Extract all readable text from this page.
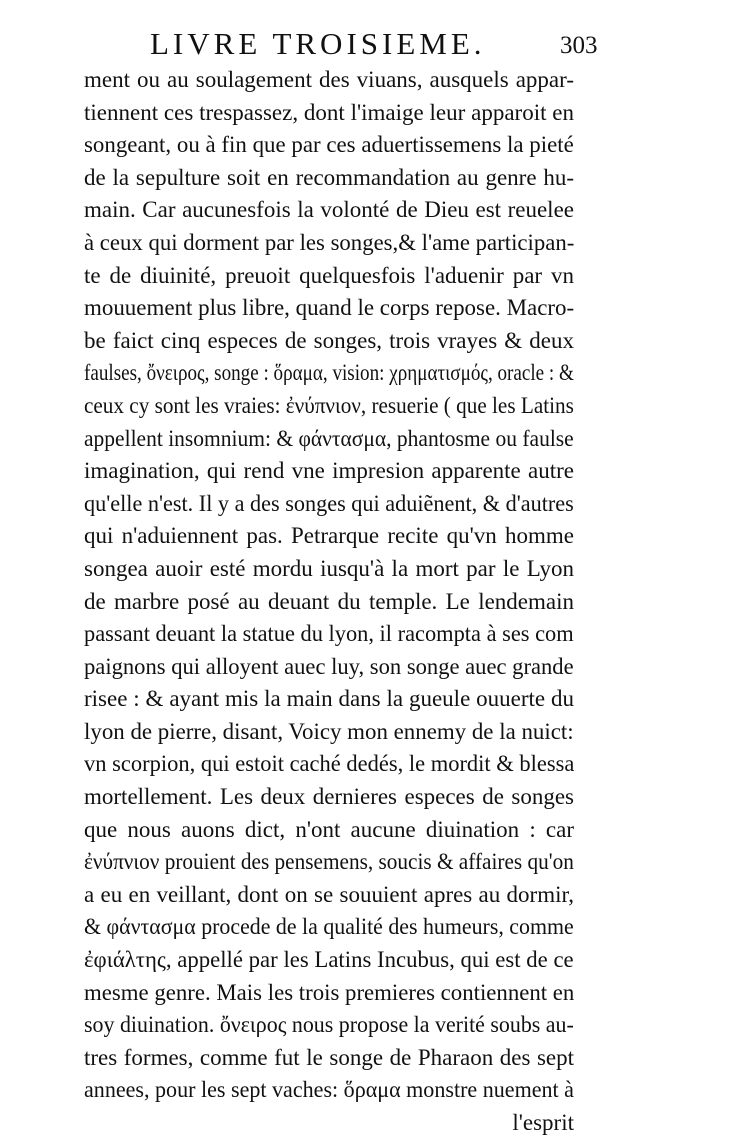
LIVRE TROISIEME.	303
ment ou au soulagement des viuans, ausquels appar-
tiennent ces trespassez, dont l'imaige leur apparoit en
songeant, ou à fin que par ces aduertissemens la pieté
de la sepulture soit en recommandation au genre hu-
main. Car aucunesfois la volonté de Dieu est reuelee
à ceux qui dorment par les songes,& l'ame participan-
te de diuinité, preuoit quelquesfois l'aduenir par vn
mouuement plus libre, quand le corps repose. Macro-
be faict cinq especes de songes, trois vrayes & deux
faulses, ὄνειρος, songe : ὅραμα, vision: χρηματισμός, oracle : &
ceux cy sont les vraies: ἐνύπνιον, resuerie ( que les Latins
appellent insomnium: & φάντασμα, phantosme ou faulse
imagination, qui rend vne impresion apparente autre
qu'elle n'est. Il y a des songes qui aduiẽnent, & d'autres
qui n'aduiennent pas. Petrarque recite qu'vn homme
songea auoir esté mordu iusqu'à la mort par le Lyon
de marbre posé au deuant du temple. Le lendemain
passant deuant la statue du lyon, il racompta à ses com
paignons qui alloyent auec luy, son songe auec grande
risee : & ayant mis la main dans la gueule ouuerte du
lyon de pierre, disant, Voicy mon ennemy de la nuict:
vn scorpion, qui estoit caché dedés, le mordit & blessa
mortellement. Les deux dernieres especes de songes
que nous auons dict, n'ont aucune diuination : car
ἐνύπνιον prouient des pensemens, soucis & affaires qu'on
a eu en veillant, dont on se souuient apres au dormir,
& φάντασμα procede de la qualité des humeurs, comme
ἐφιάλτης, appellé par les Latins Incubus, qui est de ce
mesme genre. Mais les trois premieres contiennent en
soy diuination. ὄνειρος nous propose la verité soubs au-
tres formes, comme fut le songe de Pharaon des sept
annees, pour les sept vaches: ὅραμα monstre nuement à
l'esprit
